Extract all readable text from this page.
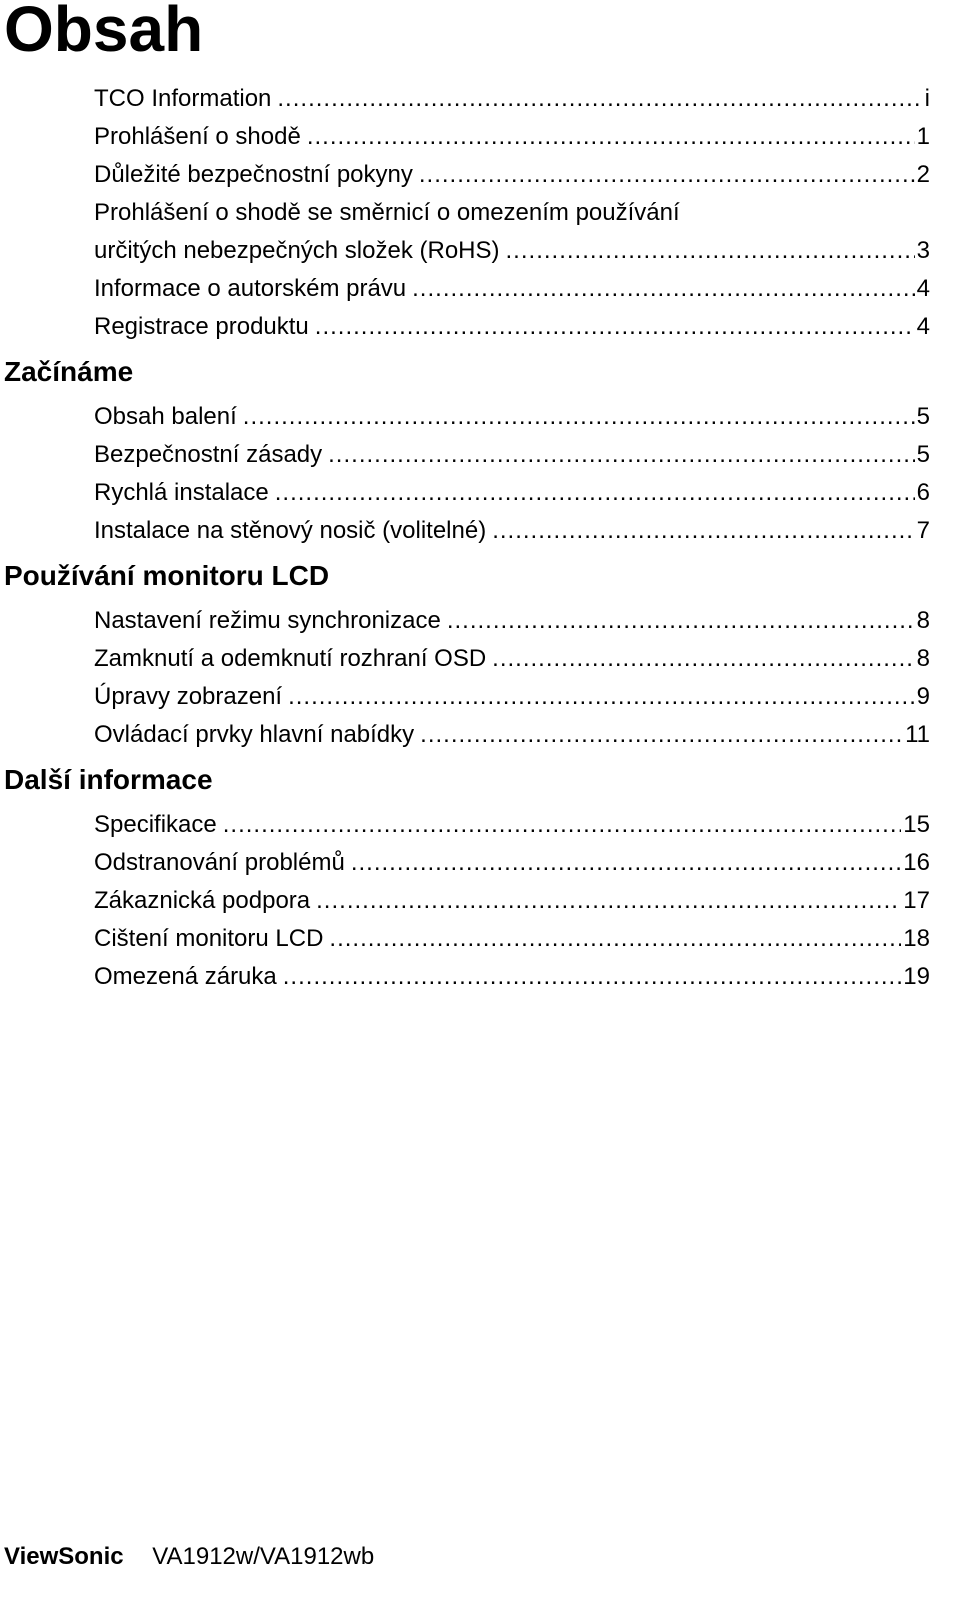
Obsah
TCO Information .....	i
Prohlášení o shodě .....	1
Důležité bezpečnostní pokyny .....	2
Prohlášení o shodě se směrnicí o omezením používání
určitých nebezpečných složek (RoHS) .....	3
Informace o autorském právu .....	4
Registrace produktu .....	4
Začínáme
Obsah balení .....	5
Bezpečnostní zásady .....	5
Rychlá instalace .....	6
Instalace na stěnový nosič (volitelné) .....	7
Používání monitoru LCD
Nastavení režimu synchronizace .....	8
Zamknutí a odemknutí rozhraní OSD .....	8
Úpravy zobrazení .....	9
Ovládací prvky hlavní nabídky .....	11
Další informace
Specifikace .....	15
Odstranování problémů .....	16
Zákaznická podpora .....	17
Cištení monitoru LCD .....	18
Omezená záruka .....	19
ViewSonic VA1912w/VA1912wb
